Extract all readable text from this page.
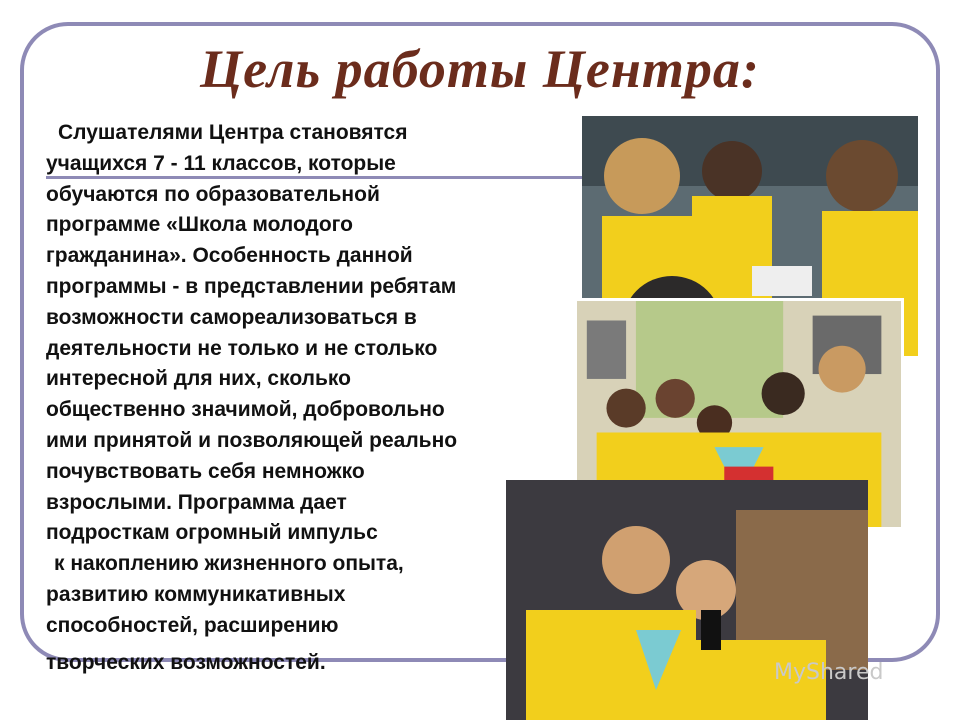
Цель работы Центра:
Слушателями Центра становятся
учащихся 7 - 11 классов, которые
обучаются по образовательной
программе «Школа молодого
гражданина». Особенность данной
программы - в представлении ребятам
возможности самореализоваться в
деятельности не только и не столько
интересной для них, сколько
общественно значимой, добровольно
ими принятой и позволяющей реально
почувствовать себя немножко
взрослыми. Программа дает
подросткам огромный импульс
к накоплению жизненного опыта,
развитию коммуникативных
способностей, расширению
творческих возможностей.	MyShared
